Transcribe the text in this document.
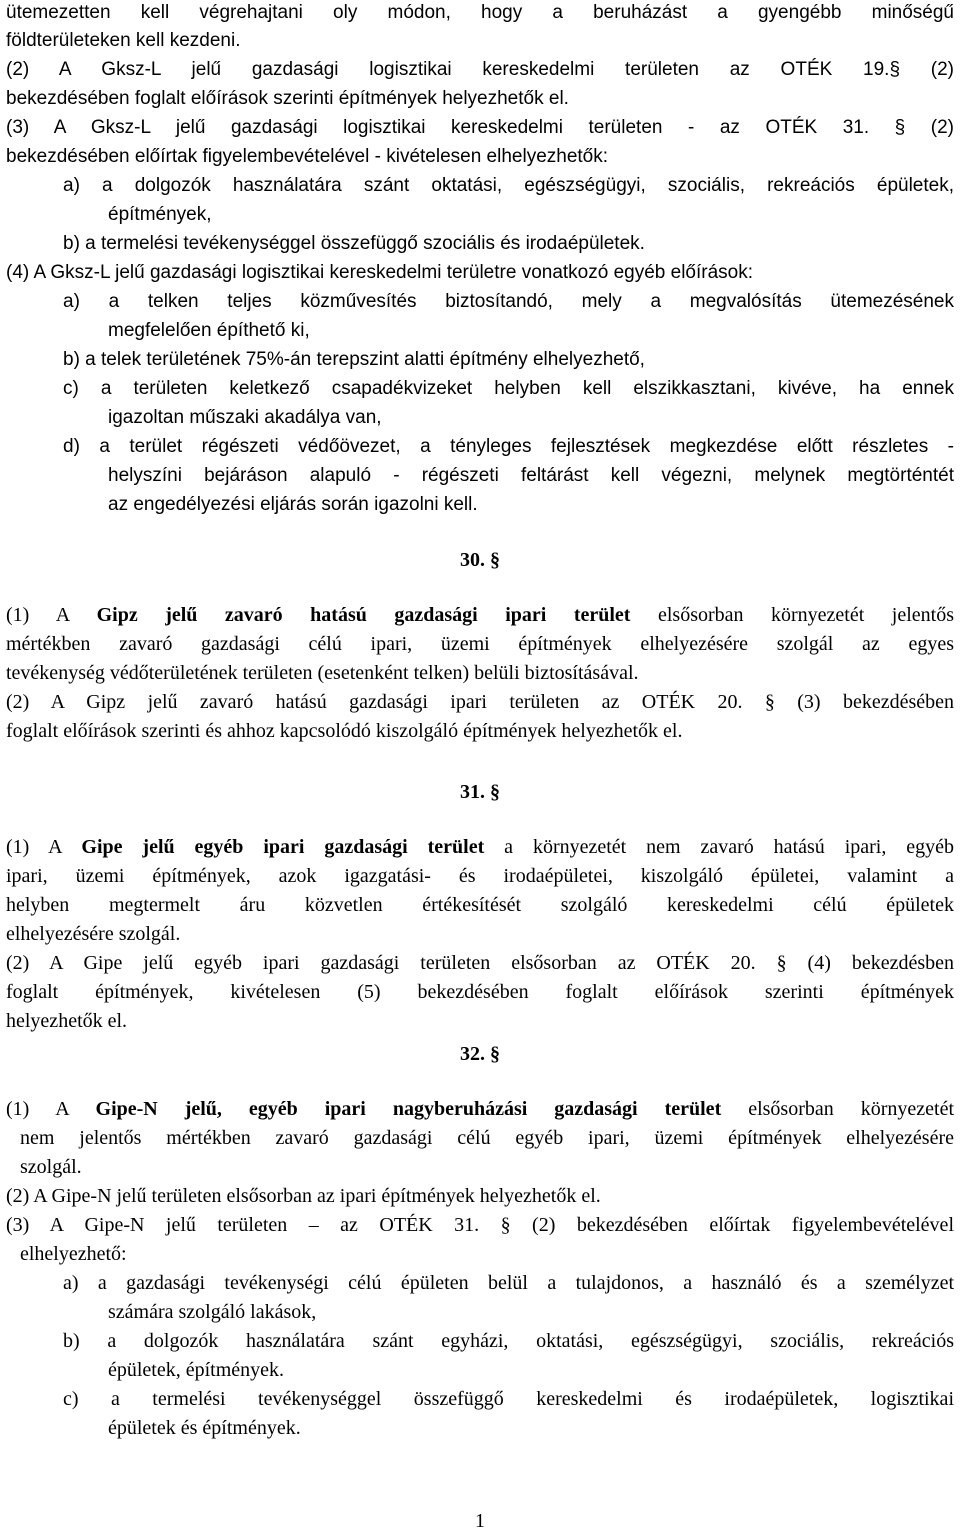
ütemezetten kell végrehajtani oly módon, hogy a beruházást a gyengébb minőségű
földterületeken kell kezdeni.
(2) A Gksz-L jelű gazdasági logisztikai kereskedelmi területen az OTÉK 19.§ (2)
bekezdésében foglalt előírások szerinti építmények helyezhetők el.
(3) A Gksz-L jelű gazdasági logisztikai kereskedelmi területen - az OTÉK 31. § (2)
bekezdésében előírtak figyelembevételével - kivételesen elhelyezhetők:
a) a dolgozók használatára szánt oktatási, egészségügyi, szociális, rekreációs épületek,
építmények,
b) a termelési tevékenységgel összefüggő szociális és irodaépületek.
(4) A Gksz-L jelű gazdasági logisztikai kereskedelmi területre vonatkozó egyéb előírások:
a) a telken teljes közművesítés biztosítandó, mely a megvalósítás ütemezésének
megfelelően építhető ki,
b) a telek területének 75%-án terepszint alatti építmény elhelyezhető,
c) a területen keletkező csapadékvizeket helyben kell elszikkasztani, kivéve, ha ennek
igazoltan műszaki akadálya van,
d) a terület régészeti védőövezet, a tényleges fejlesztések megkezdése előtt részletes -
helyszíni bejáráson alapuló - régészeti feltárást kell végezni, melynek megtörténtét
az engedélyezési eljárás során igazolni kell.
30. §
31. §
32. §
(1) A Gipz jelű zavaró hatású gazdasági ipari terület elsősorban környezetét jelentős
mértékben zavaró gazdasági célú ipari, üzemi építmények elhelyezésére szolgál az egyes
tevékenység védőterületének területen (esetenként telken) belüli biztosításával.
(2) A Gipz jelű zavaró hatású gazdasági ipari területen az OTÉK 20. § (3) bekezdésében
foglalt előírások szerinti és ahhoz kapcsolódó kiszolgáló építmények helyezhetők el.
(1) A Gipe jelű egyéb ipari gazdasági terület a környezetét nem zavaró hatású ipari, egyéb
ipari, üzemi építmények, azok igazgatási- és irodaépületei, kiszolgáló épületei, valamint a
helyben megtermelt áru közvetlen értékesítését szolgáló kereskedelmi célú épületek
elhelyezésére szolgál.
(2) A Gipe jelű egyéb ipari gazdasági területen elsősorban az OTÉK 20. § (4) bekezdésben
foglalt építmények, kivételesen (5) bekezdésében foglalt előírások szerinti építmények
helyezhetők el.
(1) A Gipe-N jelű, egyéb ipari nagyberuházási gazdasági terület elsősorban környezetét
nem jelentős mértékben zavaró gazdasági célú egyéb ipari, üzemi építmények elhelyezésére
szolgál.
(2) A Gipe-N jelű területen elsősorban az ipari építmények helyezhetők el.
(3) A Gipe-N jelű területen – az OTÉK 31. § (2) bekezdésében előírtak figyelembevételével
elhelyezhető:
a) a gazdasági tevékenységi célú épületen belül a tulajdonos, a használó és a személyzet
számára szolgáló lakások,
b) a dolgozók használatára szánt egyházi, oktatási, egészségügyi, szociális, rekreációs
épületek, építmények.
c) a termelési tevékenységgel összefüggő kereskedelmi és irodaépületek, logisztikai
épületek és építmények.
1
